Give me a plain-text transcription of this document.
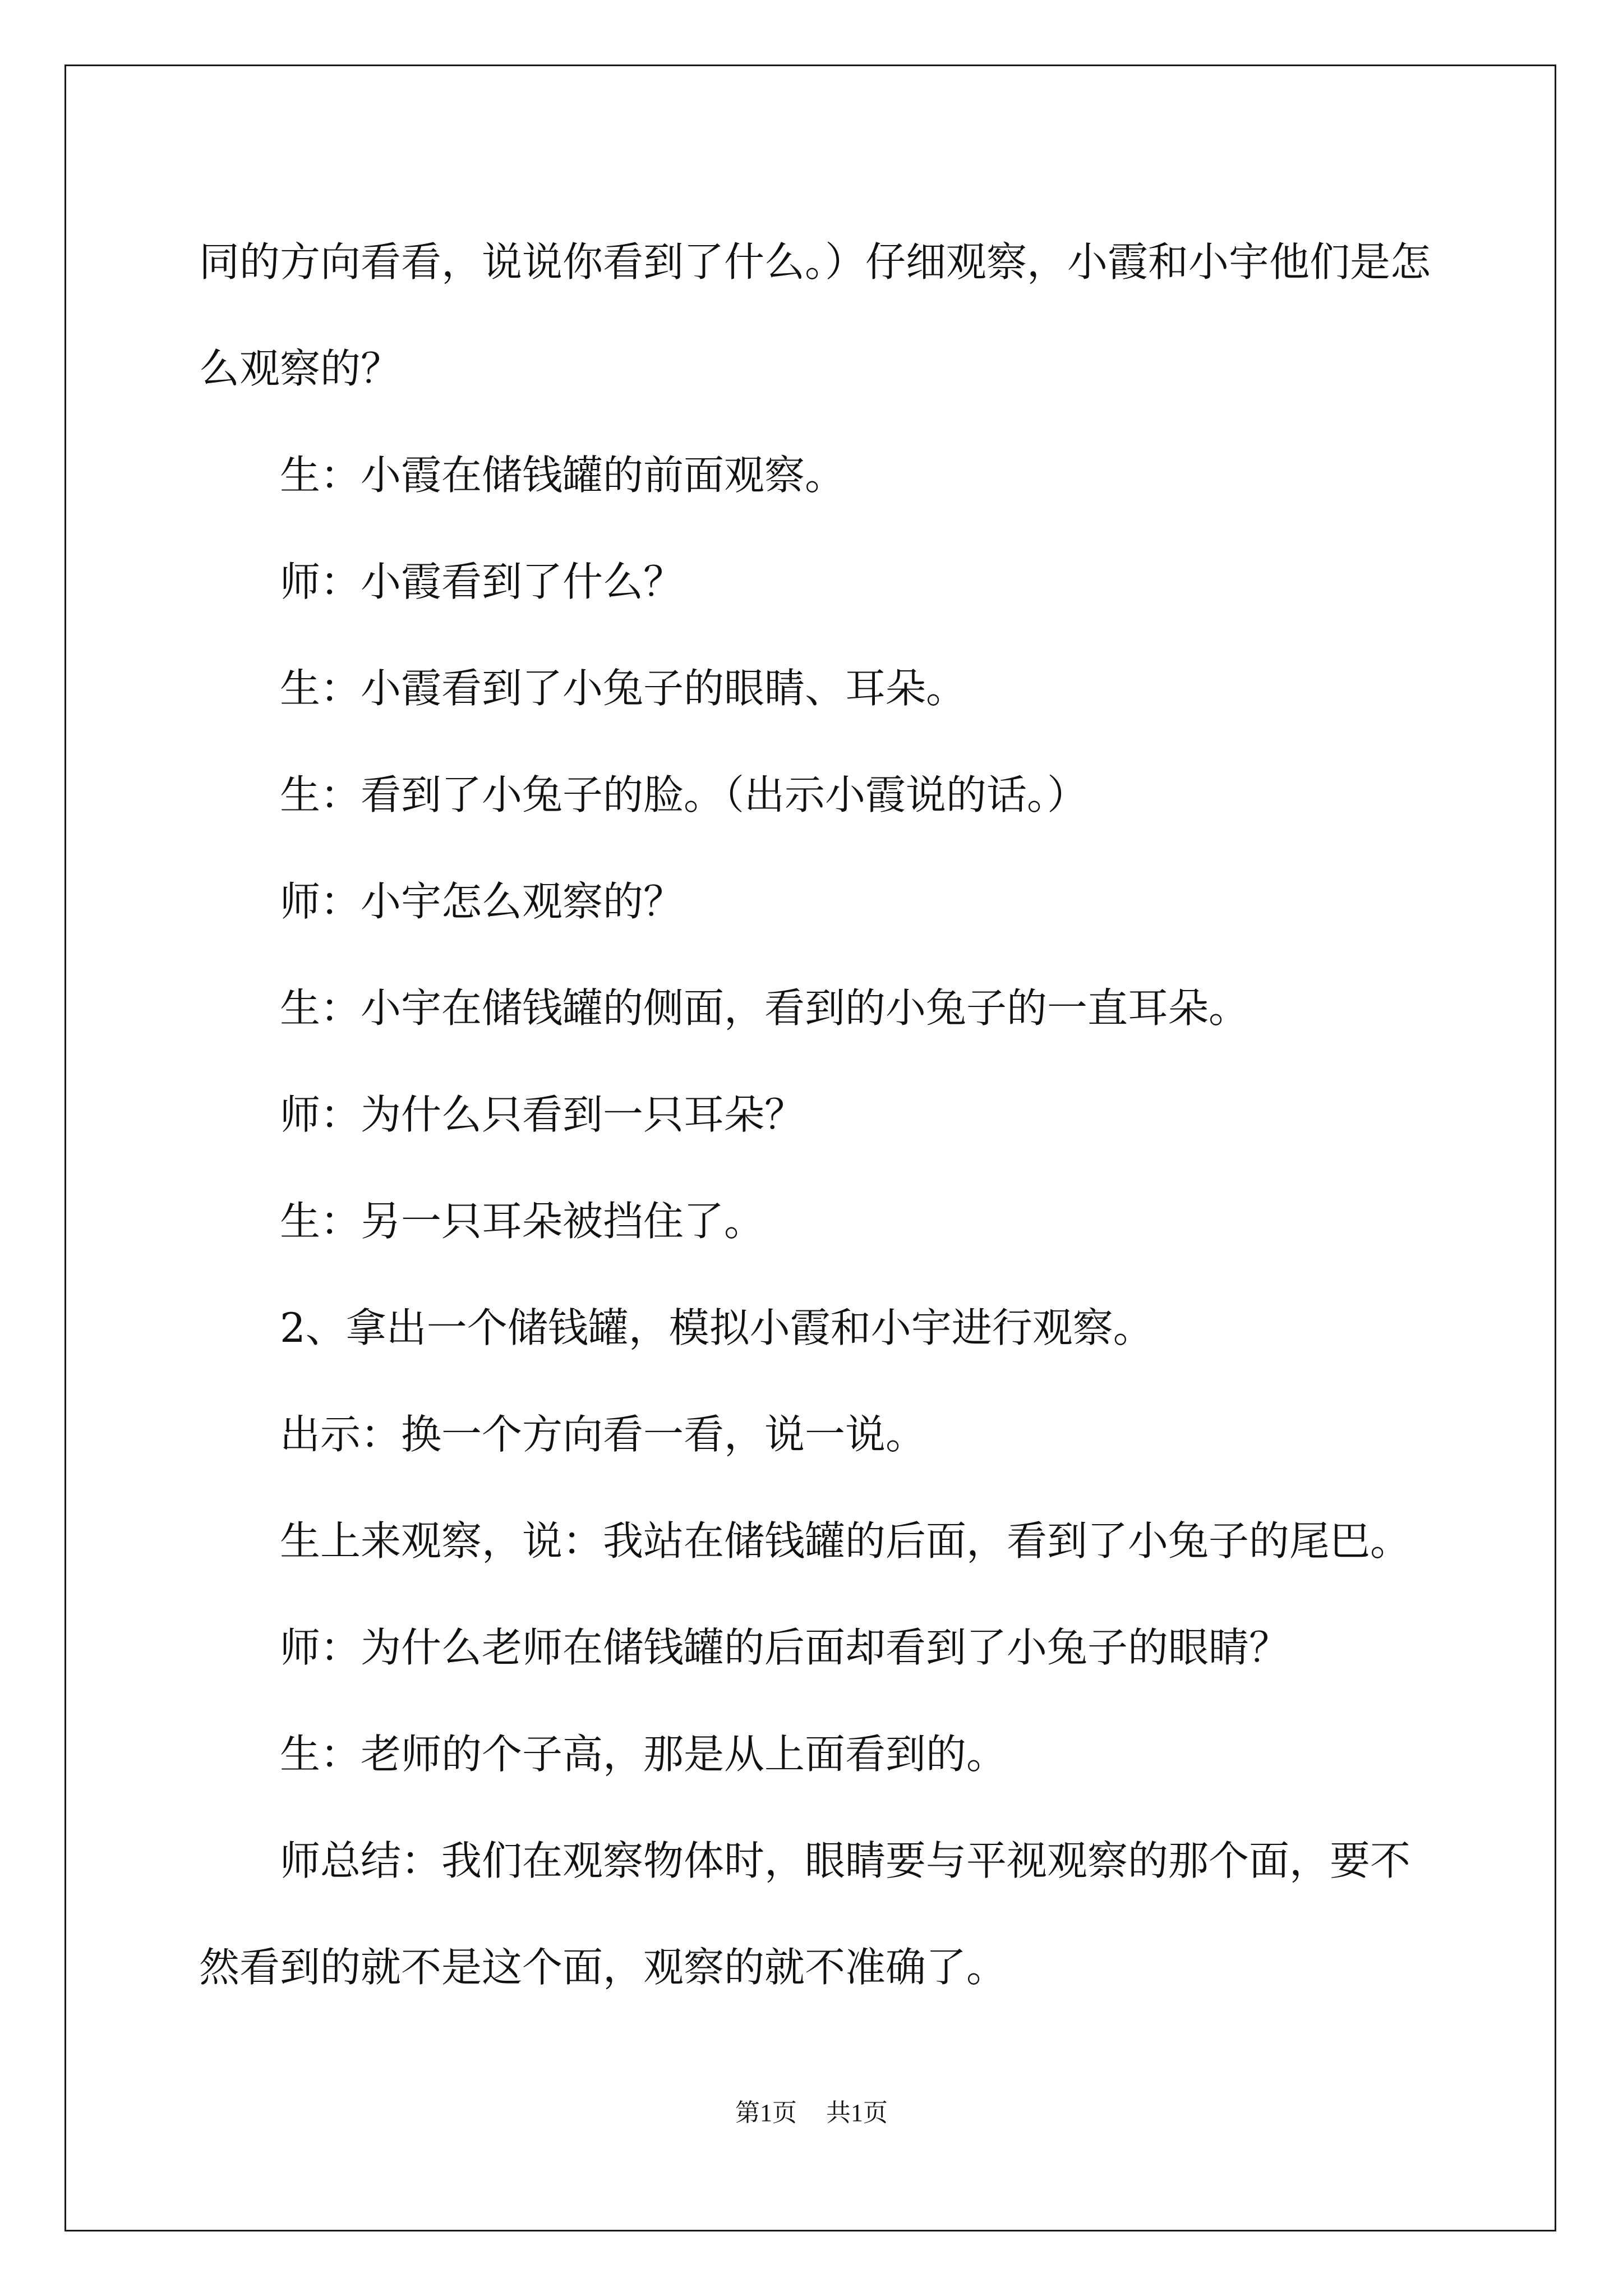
同的方向看看，说说你看到了什么。）仔细观察，小霞和小宇他们是怎么观察的？

生：小霞在储钱罐的前面观察。

师：小霞看到了什么？

生：小霞看到了小兔子的眼睛、耳朵。

生：看到了小兔子的脸。（出示小霞说的话。）

师：小宇怎么观察的？

生：小宇在储钱罐的侧面，看到的小兔子的一直耳朵。

师：为什么只看到一只耳朵？

生：另一只耳朵被挡住了。

2、拿出一个储钱罐，模拟小霞和小宇进行观察。

出示：换一个方向看一看，说一说。

生上来观察，说：我站在储钱罐的后面，看到了小兔子的尾巴。

师：为什么老师在储钱罐的后面却看到了小兔子的眼睛？

生：老师的个子高，那是从上面看到的。

师总结：我们在观察物体时，眼睛要与平视观察的那个面，要不然看到的就不是这个面，观察的就不准确了。

第1页 共1页
